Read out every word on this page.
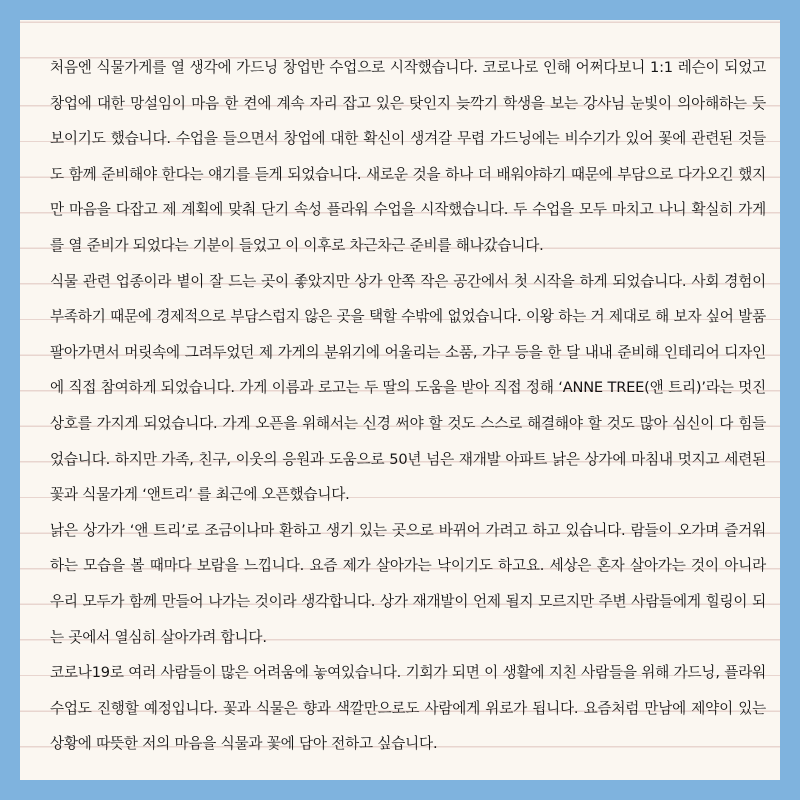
처음엔 식물가게를 열 생각에 가드닝 창업반 수업으로 시작했습니다. 코로나로 인해 어쩌다보니 1:1 레슨이 되었고 창업에 대한 망설임이 마음 한 켠에 계속 자리 잡고 있은 탓인지 늦깍기 학생을 보는 강사님 눈빛이 의아해하는 듯 보이기도 했습니다. 수업을 들으면서 창업에 대한 확신이 생겨갈 무렵 가드닝에는 비수기가 있어 꽃에 관련된 것들도 함께 준비해야 한다는 얘기를 듣게 되었습니다. 새로운 것을 하나 더 배워야하기 때문에 부담으로 다가오긴 했지만 마음을 다잡고 제 계획에 맞춰 단기 속성 플라워 수업을 시작했습니다. 두 수업을 모두 마치고 나니 확실히 가게를 열 준비가 되었다는 기분이 들었고 이 이후로 차근차근 준비를 해나갔습니다.

식물 관련 업종이라 볕이 잘 드는 곳이 좋았지만 상가 안쪽 작은 공간에서 첫 시작을 하게 되었습니다. 사회 경험이 부족하기 때문에 경제적으로 부담스럽지 않은 곳을 택할 수밖에 없었습니다. 이왕 하는 거 제대로 해 보자 싶어 발품 팔아가면서 머릿속에 그려두었던 제 가게의 분위기에 어울리는 소품, 가구 등을 한 달 내내 준비해 인테리어 디자인에 직접 참여하게 되었습니다. 가게 이름과 로고는 두 딸의 도움을 받아 직접 정해 ‘ANNE TREE(앤 트리)’라는 멋진 상호를 가지게 되었습니다. 가게 오픈을 위해서는 신경 써야 할 것도 스스로 해결해야 할 것도 많아 심신이 다 힘들었습니다. 하지만 가족, 친구, 이웃의 응원과 도움으로 50년 넘은 재개발 아파트 낡은 상가에 마침내 멋지고 세련된 꽃과 식물가게 ‘앤트리’ 를 최근에 오픈했습니다.

낡은 상가가 ‘앤 트리’로 조금이나마 환하고 생기 있는 곳으로 바뀌어 가려고 하고 있습니다. 람들이 오가며 즐거워하는 모습을 볼 때마다 보람을 느낍니다. 요즘 제가 살아가는 낙이기도 하고요. 세상은 혼자 살아가는 것이 아니라 우리 모두가 함께 만들어 나가는 것이라 생각합니다. 상가 재개발이 언제 될지 모르지만 주변 사람들에게 힐링이 되는 곳에서 열심히 살아가려 합니다.

코로나19로 여러 사람들이 많은 어려움에 놓여있습니다. 기회가 되면 이 생활에 지친 사람들을 위해 가드닝, 플라워 수업도 진행할 예정입니다. 꽃과 식물은 향과 색깔만으로도 사람에게 위로가 됩니다. 요즘처럼 만남에 제약이 있는 상황에 따뜻한 저의 마음을 식물과 꽃에 담아 전하고 싶습니다.
